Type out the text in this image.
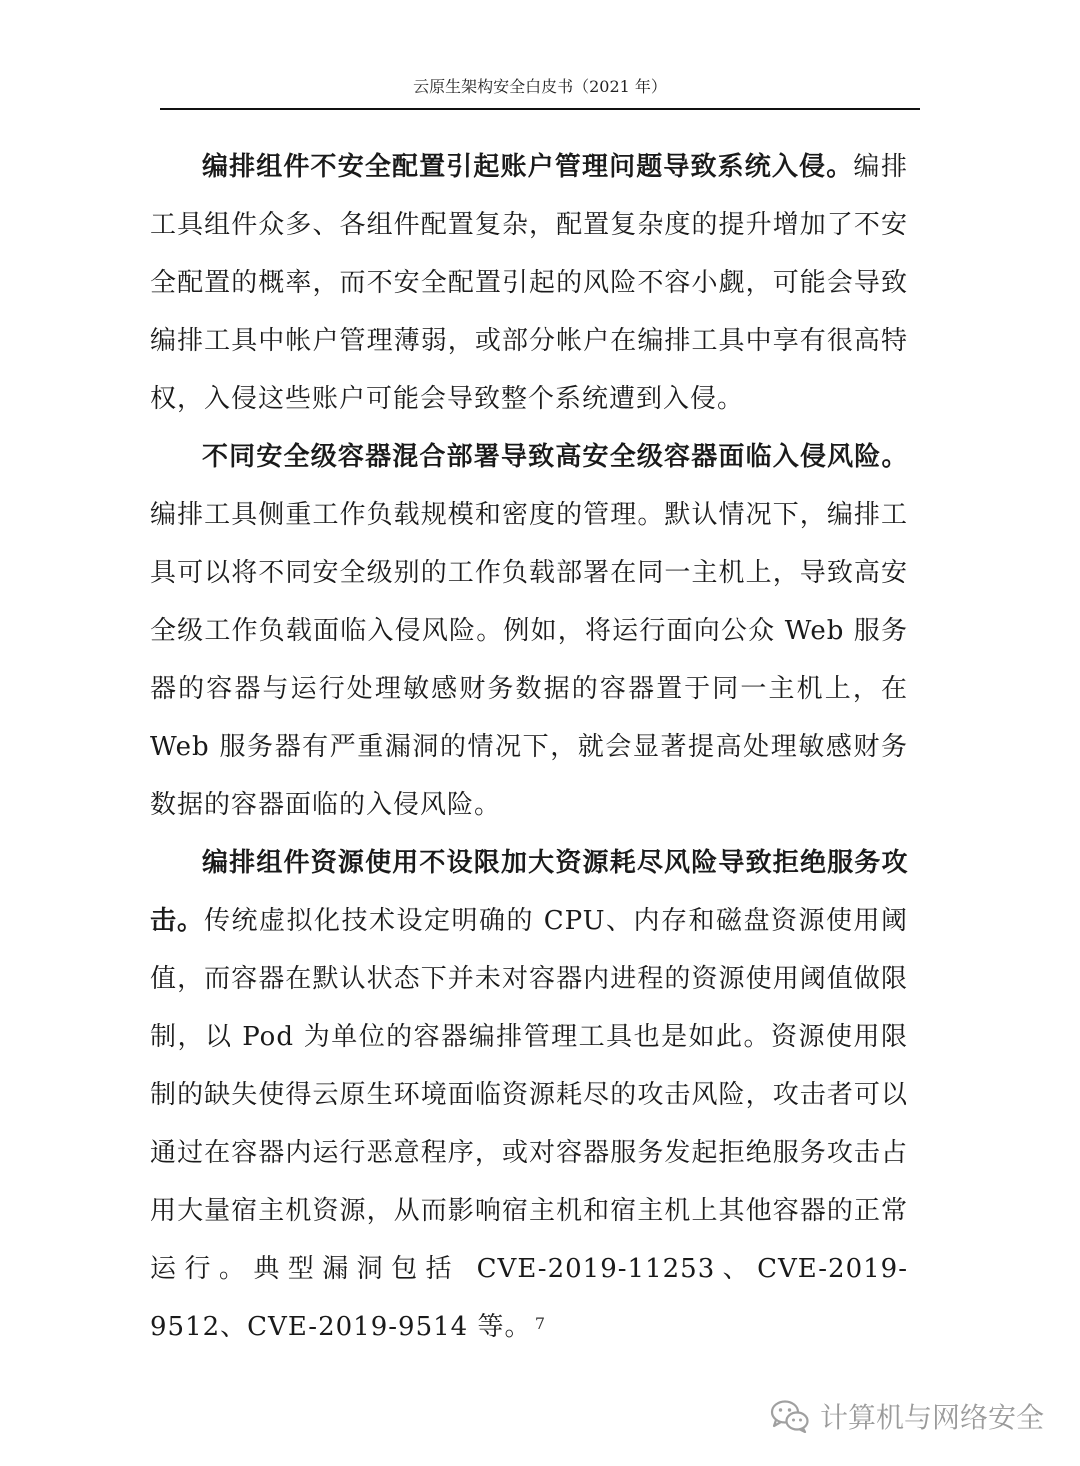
云原生架构安全白皮书（2021 年）

编排组件不安全配置引起账户管理问题导致系统入侵。编排工具组件众多、各组件配置复杂，配置复杂度的提升增加了不安全配置的概率，而不安全配置引起的风险不容小觑，可能会导致编排工具中帐户管理薄弱，或部分帐户在编排工具中享有很高特权，入侵这些账户可能会导致整个系统遭到入侵。

不同安全级容器混合部署导致高安全级容器面临入侵风险。编排工具侧重工作负载规模和密度的管理。默认情况下，编排工具可以将不同安全级别的工作负载部署在同一主机上，导致高安全级工作负载面临入侵风险。例如，将运行面向公众 Web 服务器的容器与运行处理敏感财务数据的容器置于同一主机上，在 Web 服务器有严重漏洞的情况下，就会显著提高处理敏感财务数据的容器面临的入侵风险。

编排组件资源使用不设限加大资源耗尽风险导致拒绝服务攻击。传统虚拟化技术设定明确的 CPU、内存和磁盘资源使用阈值，而容器在默认状态下并未对容器内进程的资源使用阈值做限制，以 Pod 为单位的容器编排管理工具也是如此。资源使用限制的缺失使得云原生环境面临资源耗尽的攻击风险，攻击者可以通过在容器内运行恶意程序，或对容器服务发起拒绝服务攻击占用大量宿主机资源，从而影响宿主机和宿主机上其他容器的正常运行。典型漏洞包括 CVE-2019-11253、CVE-2019-9512、CVE-2019-9514 等。 7
计算机与网络安全
